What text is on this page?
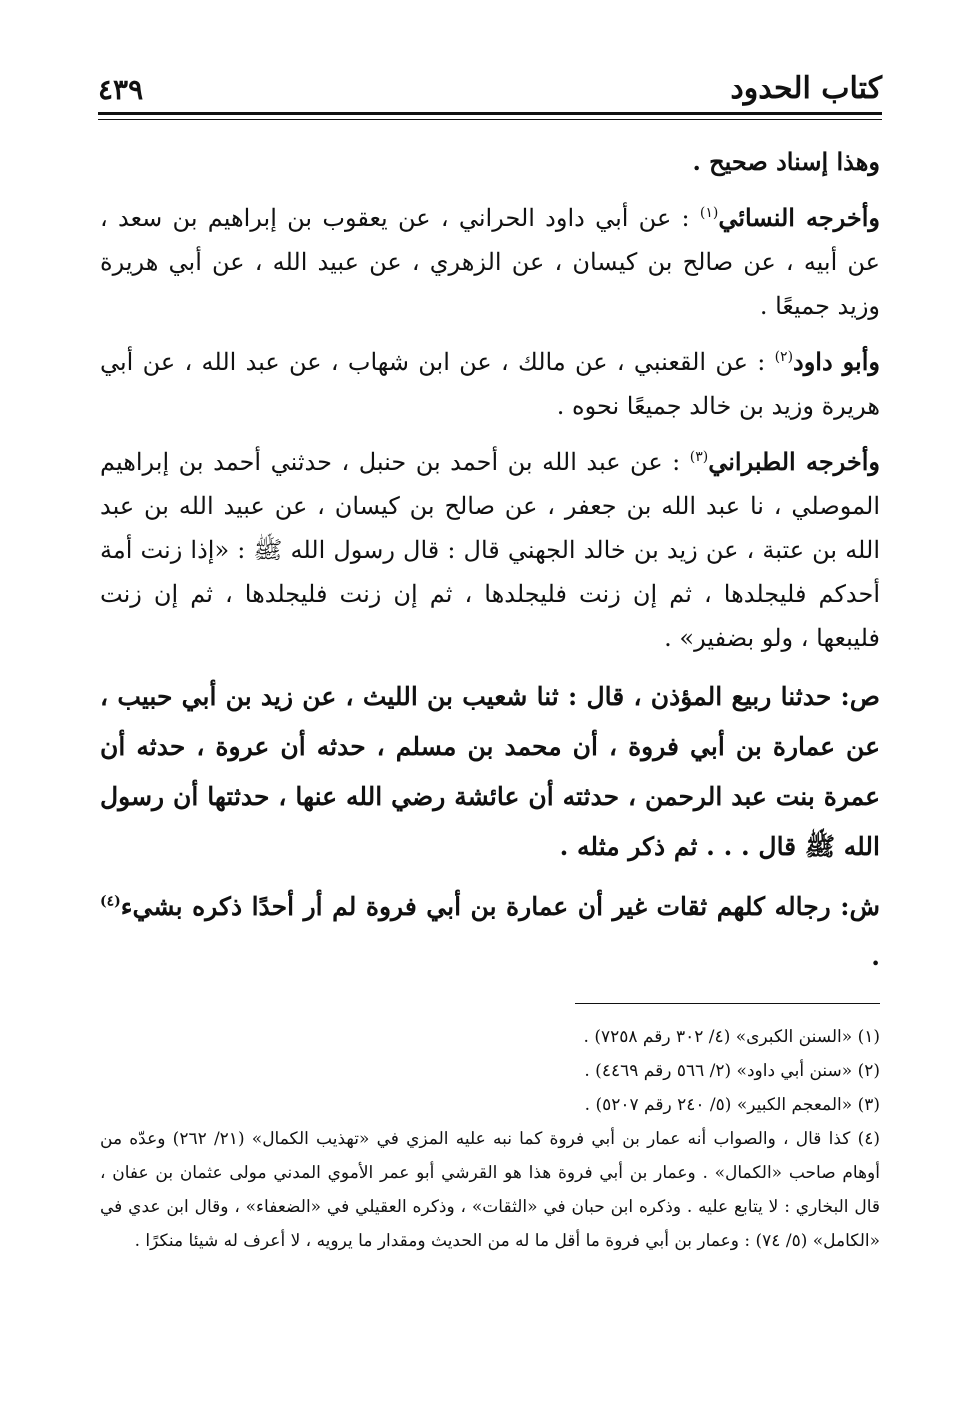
كتاب الحدود
٤٣٩

وهذا إسناد صحيح .

وأخرجه النسائي$^{(١)}$ : عن أبي داود الحراني ، عن يعقوب بن إبراهيم بن سعد ، عن أبيه ، عن صالح بن كيسان ، عن الزهري ، عن عبيد الله ، عن أبي هريرة وزيد جميعًا .

وأبو داود$^{(٢)}$ : عن القعنبي ، عن مالك ، عن ابن شهاب ، عن عبد الله ، عن أبي هريرة وزيد بن خالد جميعًا نحوه .

وأخرجه الطبراني$^{(٣)}$ : عن عبد الله بن أحمد بن حنبل ، حدثني أحمد بن إبراهيم الموصلي ، نا عبد الله بن جعفر ، عن صالح بن كيسان ، عن عبيد الله بن عبد الله بن عتبة ، عن زيد بن خالد الجهني قال : قال رسول الله ﷺ : «إذا زنت أمة أحدكم فليجلدها ، ثم إن زنت فليجلدها ، ثم إن زنت فليجلدها ، ثم إن زنت فليبعها ، ولو بضفير» .

ص: حدثنا ربيع المؤذن ، قال : ثنا شعيب بن الليث ، عن زيد بن أبي حبيب ، عن عمارة بن أبي فروة ، أن محمد بن مسلم ، حدثه أن عروة ، حدثه أن عمرة بنت عبد الرحمن ، حدثته أن عائشة رضي الله عنها ، حدثتها أن رسول الله ﷺ قال . . . ثم ذكر مثله .

ش: رجاله كلهم ثقات غير أن عمارة بن أبي فروة لم أر أحدًا ذكره بشيء$^{(٤)}$ .

(١) «السنن الكبرى» (٤/ ٣٠٢ رقم ٧٢٥٨) .

(٢) «سنن أبي داود» (٢/ ٥٦٦ رقم ٤٤٦٩) .

(٣) «المعجم الكبير» (٥/ ٢٤٠ رقم ٥٢٠٧) .

(٤) كذا قال ، والصواب أنه عمار بن أبي فروة كما نبه عليه المزي في «تهذيب الكمال» (٢١/ ٢٦٢) وعدّه من أوهام صاحب «الكمال» . وعمار بن أبي فروة هذا هو القرشي أبو عمر الأموي المدني مولى عثمان بن عفان ، قال البخاري : لا يتابع عليه . وذكره ابن حبان في «الثقات» ، وذكره العقيلي في «الضعفاء» ، وقال ابن عدي في «الكامل» (٥/ ٧٤) : وعمار بن أبي فروة ما أقل ما له من الحديث ومقدار ما يرويه ، لا أعرف له شيئا منكرًا .
